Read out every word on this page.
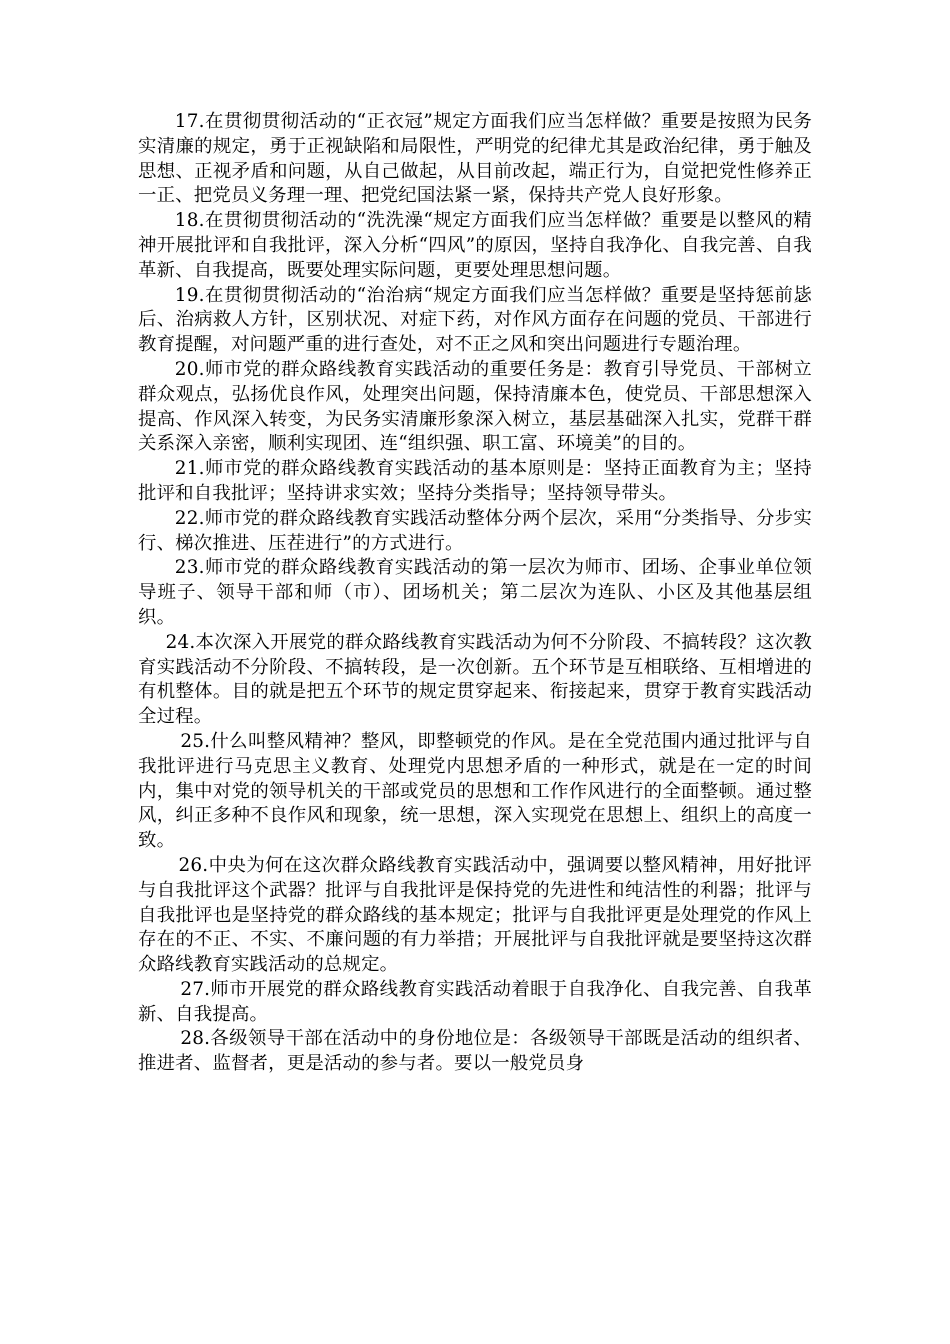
17.在贯彻贯彻活动的“正衣冠”规定方面我们应当怎样做？重要是按照为民务实清廉的规定，勇于正视缺陷和局限性，严明党的纪律尤其是政治纪律，勇于触及思想、正视矛盾和问题，从自己做起，从目前改起，端正行为，自觉把党性修养正一正、把党员义务理一理、把党纪国法紧一紧，保持共产党人良好形象。

18.在贯彻贯彻活动的“洗洗澡“规定方面我们应当怎样做？重要是以整风的精神开展批评和自我批评，深入分析“四风”的原因，坚持自我净化、自我完善、自我革新、自我提高，既要处理实际问题，更要处理思想问题。

19.在贯彻贯彻活动的“治治病“规定方面我们应当怎样做？重要是坚持惩前毖后、治病救人方针，区别状况、对症下药，对作风方面存在问题的党员、干部进行教育提醒，对问题严重的进行查处，对不正之风和突出问题进行专题治理。

20.师市党的群众路线教育实践活动的重要任务是：教育引导党员、干部树立群众观点，弘扬优良作风，处理突出问题，保持清廉本色，使党员、干部思想深入提高、作风深入转变，为民务实清廉形象深入树立，基层基础深入扎实，党群干群关系深入亲密，顺利实现团、连“组织强、职工富、环境美”的目的。

21.师市党的群众路线教育实践活动的基本原则是：坚持正面教育为主；坚持批评和自我批评；坚持讲求实效；坚持分类指导；坚持领导带头。

22.师市党的群众路线教育实践活动整体分两个层次，采用“分类指导、分步实行、梯次推进、压茬进行”的方式进行。

23.师市党的群众路线教育实践活动的第一层次为师市、团场、企事业单位领导班子、领导干部和师（市）、团场机关；第二层次为连队、小区及其他基层组织。

24.本次深入开展党的群众路线教育实践活动为何不分阶段、不搞转段？这次教育实践活动不分阶段、不搞转段，是一次创新。五个环节是互相联络、互相增进的有机整体。目的就是把五个环节的规定贯穿起来、衔接起来，贯穿于教育实践活动全过程。

25.什么叫整风精神？整风，即整顿党的作风。是在全党范围内通过批评与自我批评进行马克思主义教育、处理党内思想矛盾的一种形式，就是在一定的时间内，集中对党的领导机关的干部或党员的思想和工作作风进行的全面整顿。通过整风，纠正多种不良作风和现象，统一思想，深入实现党在思想上、组织上的高度一致。

26.中央为何在这次群众路线教育实践活动中，强调要以整风精神，用好批评与自我批评这个武器？批评与自我批评是保持党的先进性和纯洁性的利器；批评与自我批评也是坚持党的群众路线的基本规定；批评与自我批评更是处理党的作风上存在的不正、不实、不廉问题的有力举措；开展批评与自我批评就是要坚持这次群众路线教育实践活动的总规定。

27.师市开展党的群众路线教育实践活动着眼于自我净化、自我完善、自我革新、自我提高。

28.各级领导干部在活动中的身份地位是：各级领导干部既是活动的组织者、推进者、监督者，更是活动的参与者。要以一般党员身
